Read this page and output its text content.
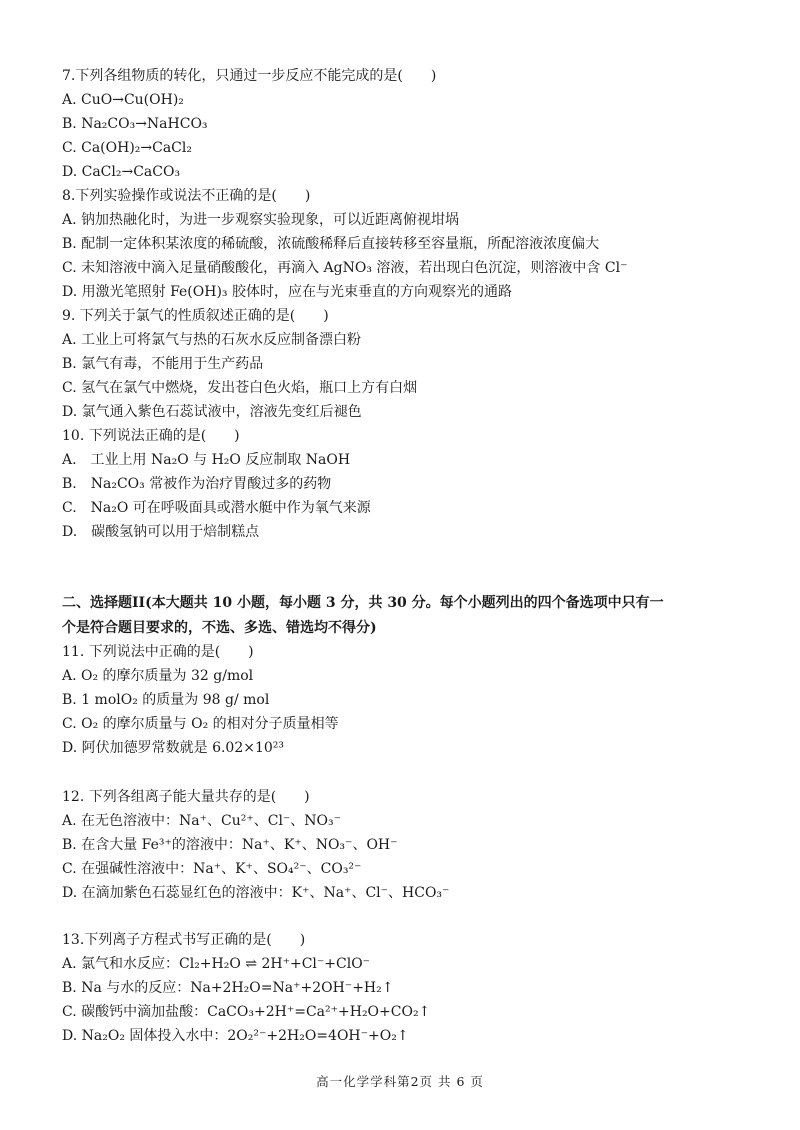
7.下列各组物质的转化，只通过一步反应不能完成的是(　　)
A. CuO→Cu(OH)₂
B. Na₂CO₃→NaHCO₃
C. Ca(OH)₂→CaCl₂
D. CaCl₂→CaCO₃
8.下列实验操作或说法不正确的是(　　)
A. 钠加热融化时，为进一步观察实验现象，可以近距离俯视坩埚
B. 配制一定体积某浓度的稀硫酸，浓硫酸稀释后直接转移至容量瓶，所配溶液浓度偏大
C. 未知溶液中滴入足量硝酸酸化，再滴入 AgNO₃ 溶液，若出现白色沉淀，则溶液中含 Cl⁻
D. 用激光笔照射 Fe(OH)₃ 胶体时，应在与光束垂直的方向观察光的通路
9. 下列关于氯气的性质叙述正确的是(　　)
A. 工业上可将氯气与热的石灰水反应制备漂白粉
B. 氯气有毒，不能用于生产药品
C. 氢气在氯气中燃烧，发出苍白色火焰，瓶口上方有白烟
D. 氯气通入紫色石蕊试液中，溶液先变红后褪色
10. 下列说法正确的是(　　)
A.　工业上用 Na₂O 与 H₂O 反应制取 NaOH
B.　Na₂CO₃ 常被作为治疗胃酸过多的药物
C.　Na₂O 可在呼吸面具或潜水艇中作为氧气来源
D.　碳酸氢钠可以用于焙制糕点
二、选择题II(本大题共 10 小题，每小题 3 分，共 30 分。每个小题列出的四个备选项中只有一
个是符合题目要求的，不选、多选、错选均不得分)
11. 下列说法中正确的是(　　)
A. O₂ 的摩尔质量为 32 g/mol
B. 1 molO₂ 的质量为 98 g/ mol
C. O₂ 的摩尔质量与 O₂ 的相对分子质量相等
D. 阿伏加德罗常数就是 6.02×10²³
12. 下列各组离子能大量共存的是(　　)
A. 在无色溶液中：Na⁺、Cu²⁺、Cl⁻、NO₃⁻
B. 在含大量 Fe³⁺的溶液中：Na⁺、K⁺、NO₃⁻、OH⁻
C. 在强碱性溶液中：Na⁺、K⁺、SO₄²⁻、CO₃²⁻
D. 在滴加紫色石蕊显红色的溶液中：K⁺、Na⁺、Cl⁻、HCO₃⁻
13.下列离子方程式书写正确的是(　　)
A. 氯气和水反应：Cl₂+H₂O ⇌ 2H⁺+Cl⁻+ClO⁻
B. Na 与水的反应：Na+2H₂O=Na⁺+2OH⁻+H₂↑
C. 碳酸钙中滴加盐酸：CaCO₃+2H⁺=Ca²⁺+H₂O+CO₂↑
D. Na₂O₂ 固体投入水中：2O₂²⁻+2H₂O=4OH⁻+O₂↑
高一化学学科第2页 共 6 页
